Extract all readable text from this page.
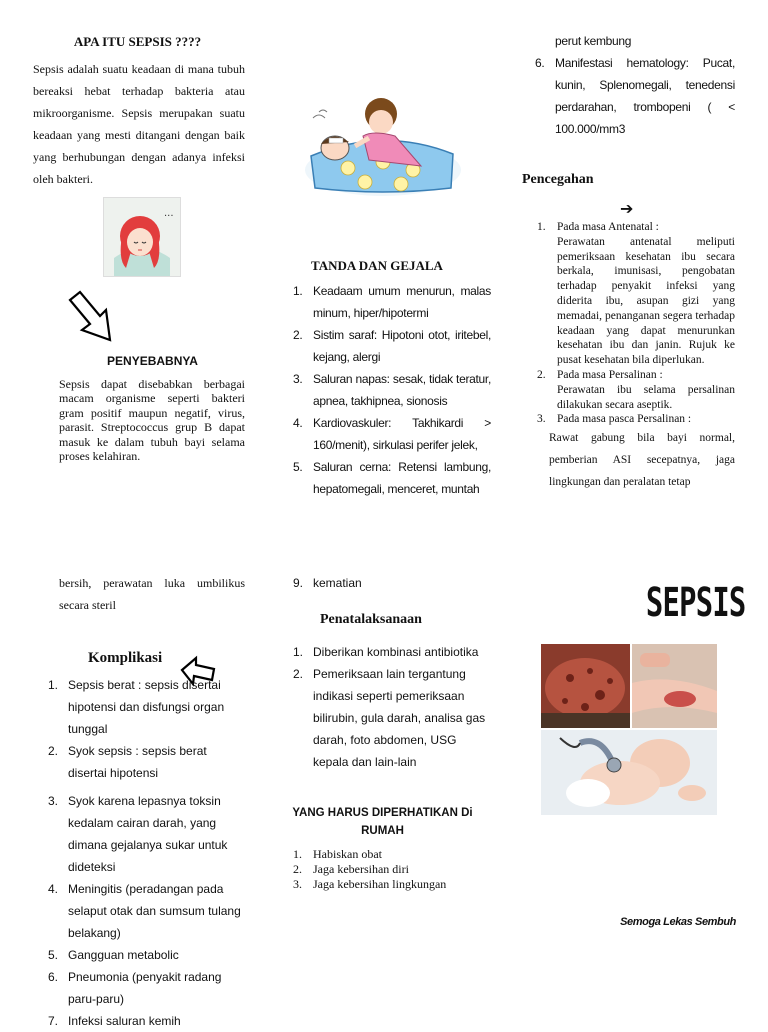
APA ITU SEPSIS ????
Sepsis adalah suatu keadaan di mana tubuh bereaksi hebat terhadap bakteria atau mikroorganisme. Sepsis merupakan suatu keadaan yang mesti ditangani dengan baik yang berhubungan dengan adanya infeksi oleh bakteri.
...
PENYEBABNYA
Sepsis dapat disebabkan berbagai macam organisme seperti bakteri gram positif maupun negatif, virus, parasit. Streptococcus grup B dapat masuk ke dalam tubuh bayi selama proses kelahiran.
TANDA DAN GEJALA
1. Keadaam umum menurun, malas minum, hiper/hipotermi
2. Sistim saraf: Hipotoni otot, iritebel, kejang, alergi
3. Saluran napas: sesak, tidak teratur, apnea, takhipnea, sionosis
4. Kardiovaskuler: Takhikardi > 160/menit), sirkulasi perifer jelek,
5. Saluran cerna: Retensi lambung, hepatomegali, menceret, muntah
perut kembung
6. Manifestasi hematology: Pucat, kunin, Splenomegali, tenedensi perdarahan, trombopeni ( < 100.000/mm3
Pencegahan
➔
1. Pada masa Antenatal :
Perawatan antenatal meliputi pemeriksaan kesehatan ibu secara berkala, imunisasi, pengobatan terhadap penyakit infeksi yang diderita ibu, asupan gizi yang memadai, penanganan segera terhadap keadaan yang dapat menurunkan kesehatan ibu dan janin. Rujuk ke pusat kesehatan bila diperlukan.
2. Pada masa Persalinan :
Perawatan ibu selama persalinan dilakukan secara aseptik.
3. Pada masa pasca Persalinan :
Rawat gabung bila bayi normal, pemberian ASI secepatnya, jaga lingkungan dan peralatan tetap
bersih, perawatan luka umbilikus secara steril
Komplikasi
1. Sepsis berat : sepsis disertai hipotensi dan disfungsi organ tunggal
2. Syok sepsis : sepsis berat disertai hipotensi
3. Syok karena lepasnya toksin kedalam cairan darah, yang dimana gejalanya sukar untuk dideteksi
4. Meningitis (peradangan pada selaput otak dan sumsum tulang belakang)
5. Gangguan metabolic
6. Pneumonia (penyakit radang paru-paru)
7. Infeksi saluran kemih
9. kematian
Penatalaksanaan
1. Diberikan kombinasi antibiotika
2. Pemeriksaan lain tergantung indikasi seperti pemeriksaan bilirubin, gula darah, analisa gas darah, foto abdomen, USG kepala dan lain-lain
YANG HARUS DIPERHATIKAN Di RUMAH
1. Habiskan obat
2. Jaga kebersihan diri
3. Jaga kebersihan lingkungan
SEPSIS
Semoga Lekas Sembuh
